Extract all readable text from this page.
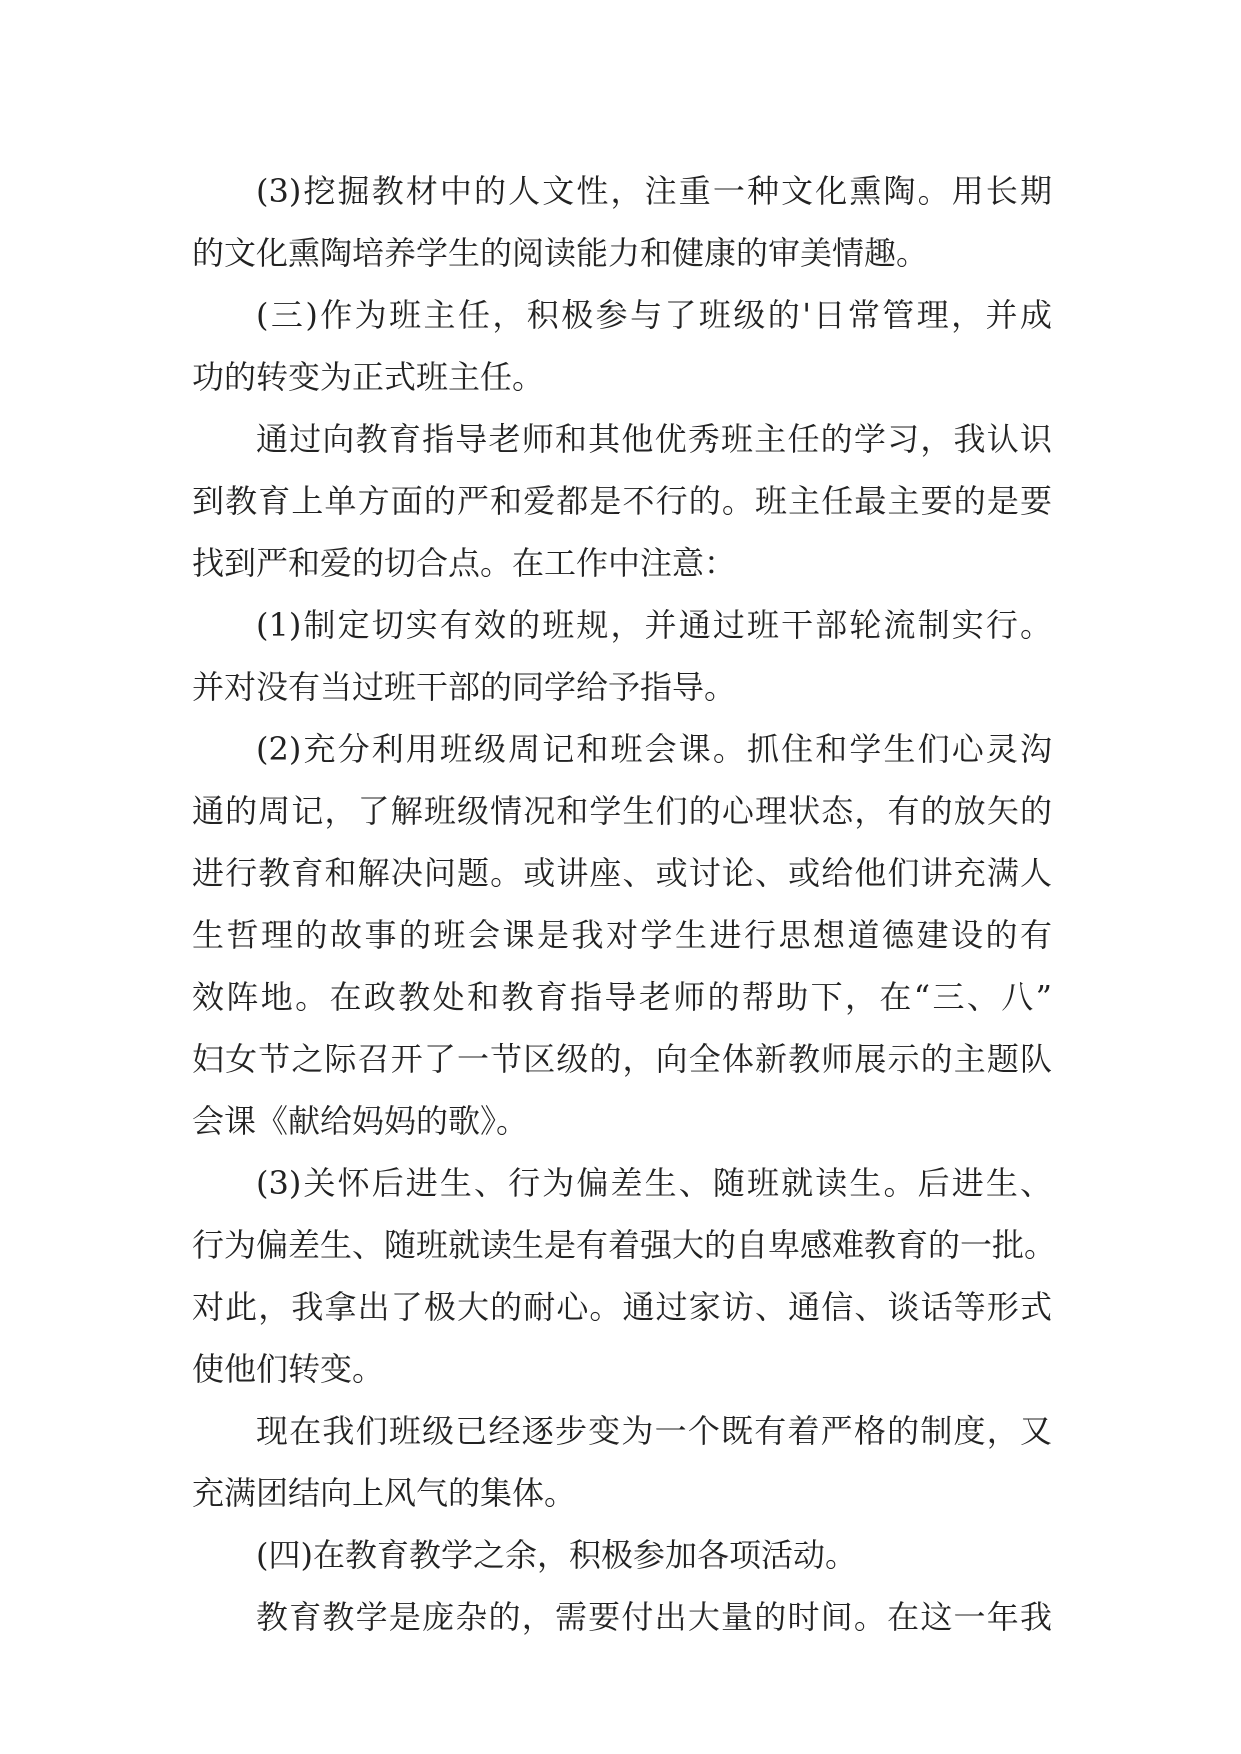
(3)挖掘教材中的人文性，注重一种文化熏陶。用长期
的文化熏陶培养学生的阅读能力和健康的审美情趣。
(三)作为班主任，积极参与了班级的'日常管理，并成
功的转变为正式班主任。
通过向教育指导老师和其他优秀班主任的学习，我认识
到教育上单方面的严和爱都是不行的。班主任最主要的是要
找到严和爱的切合点。在工作中注意：
(1)制定切实有效的班规，并通过班干部轮流制实行。
并对没有当过班干部的同学给予指导。
(2)充分利用班级周记和班会课。抓住和学生们心灵沟
通的周记，了解班级情况和学生们的心理状态，有的放矢的
进行教育和解决问题。或讲座、或讨论、或给他们讲充满人
生哲理的故事的班会课是我对学生进行思想道德建设的有
效阵地。在政教处和教育指导老师的帮助下，在“三、八”
妇女节之际召开了一节区级的，向全体新教师展示的主题队
会课《献给妈妈的歌》。
(3)关怀后进生、行为偏差生、随班就读生。后进生、
行为偏差生、随班就读生是有着强大的自卑感难教育的一批。
对此，我拿出了极大的耐心。通过家访、通信、谈话等形式
使他们转变。
现在我们班级已经逐步变为一个既有着严格的制度，又
充满团结向上风气的集体。
(四)在教育教学之余，积极参加各项活动。
教育教学是庞杂的，需要付出大量的时间。在这一年我
